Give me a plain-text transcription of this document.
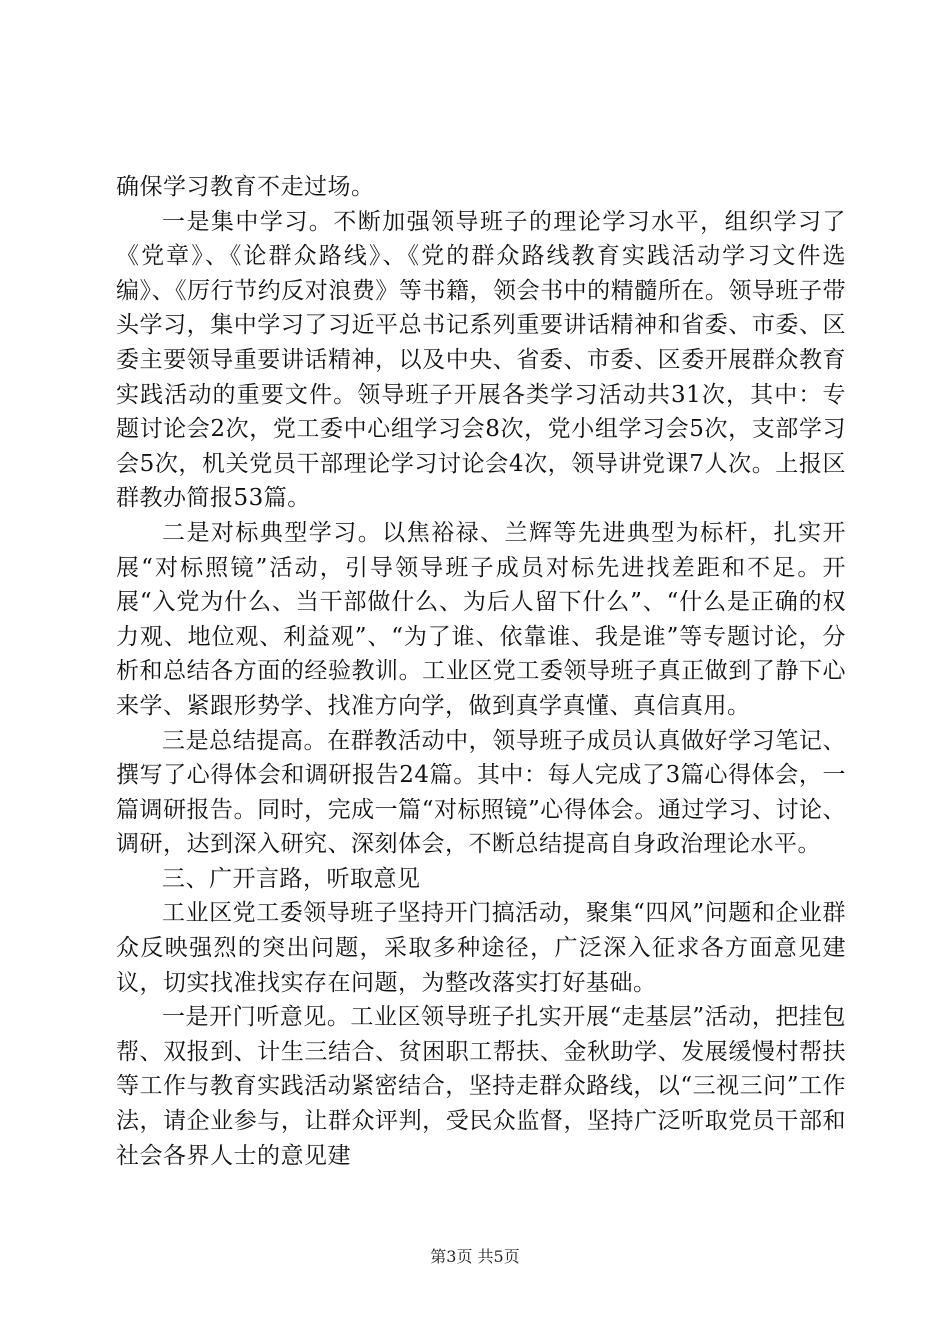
确保学习教育不走过场。

一是集中学习。不断加强领导班子的理论学习水平，组织学习了《党章》、《论群众路线》、《党的群众路线教育实践活动学习文件选编》、《厉行节约反对浪费》等书籍，领会书中的精髓所在。领导班子带头学习，集中学习了习近平总书记系列重要讲话精神和省委、市委、区委主要领导重要讲话精神，以及中央、省委、市委、区委开展群众教育实践活动的重要文件。领导班子开展各类学习活动共31次，其中：专题讨论会2次，党工委中心组学习会8次，党小组学习会5次，支部学习会5次，机关党员干部理论学习讨论会4次，领导讲党课7人次。上报区群教办简报53篇。

二是对标典型学习。以焦裕禄、兰辉等先进典型为标杆，扎实开展“对标照镜”活动，引导领导班子成员对标先进找差距和不足。开展“入党为什么、当干部做什么、为后人留下什么”、“什么是正确的权力观、地位观、利益观”、“为了谁、依靠谁、我是谁”等专题讨论，分析和总结各方面的经验教训。工业区党工委领导班子真正做到了静下心来学、紧跟形势学、找准方向学，做到真学真懂、真信真用。

三是总结提高。在群教活动中，领导班子成员认真做好学习笔记、撰写了心得体会和调研报告24篇。其中：每人完成了3篇心得体会，一篇调研报告。同时，完成一篇“对标照镜”心得体会。通过学习、讨论、调研，达到深入研究、深刻体会，不断总结提高自身政治理论水平。

三、广开言路，听取意见

工业区党工委领导班子坚持开门搞活动，聚集“四风”问题和企业群众反映强烈的突出问题，采取多种途径，广泛深入征求各方面意见建议，切实找准找实存在问题，为整改落实打好基础。

一是开门听意见。工业区领导班子扎实开展“走基层”活动，把挂包帮、双报到、计生三结合、贫困职工帮扶、金秋助学、发展缓慢村帮扶等工作与教育实践活动紧密结合，坚持走群众路线，以“三视三问”工作法，请企业参与，让群众评判，受民众监督，坚持广泛听取党员干部和社会各界人士的意见建

第3页 共5页
